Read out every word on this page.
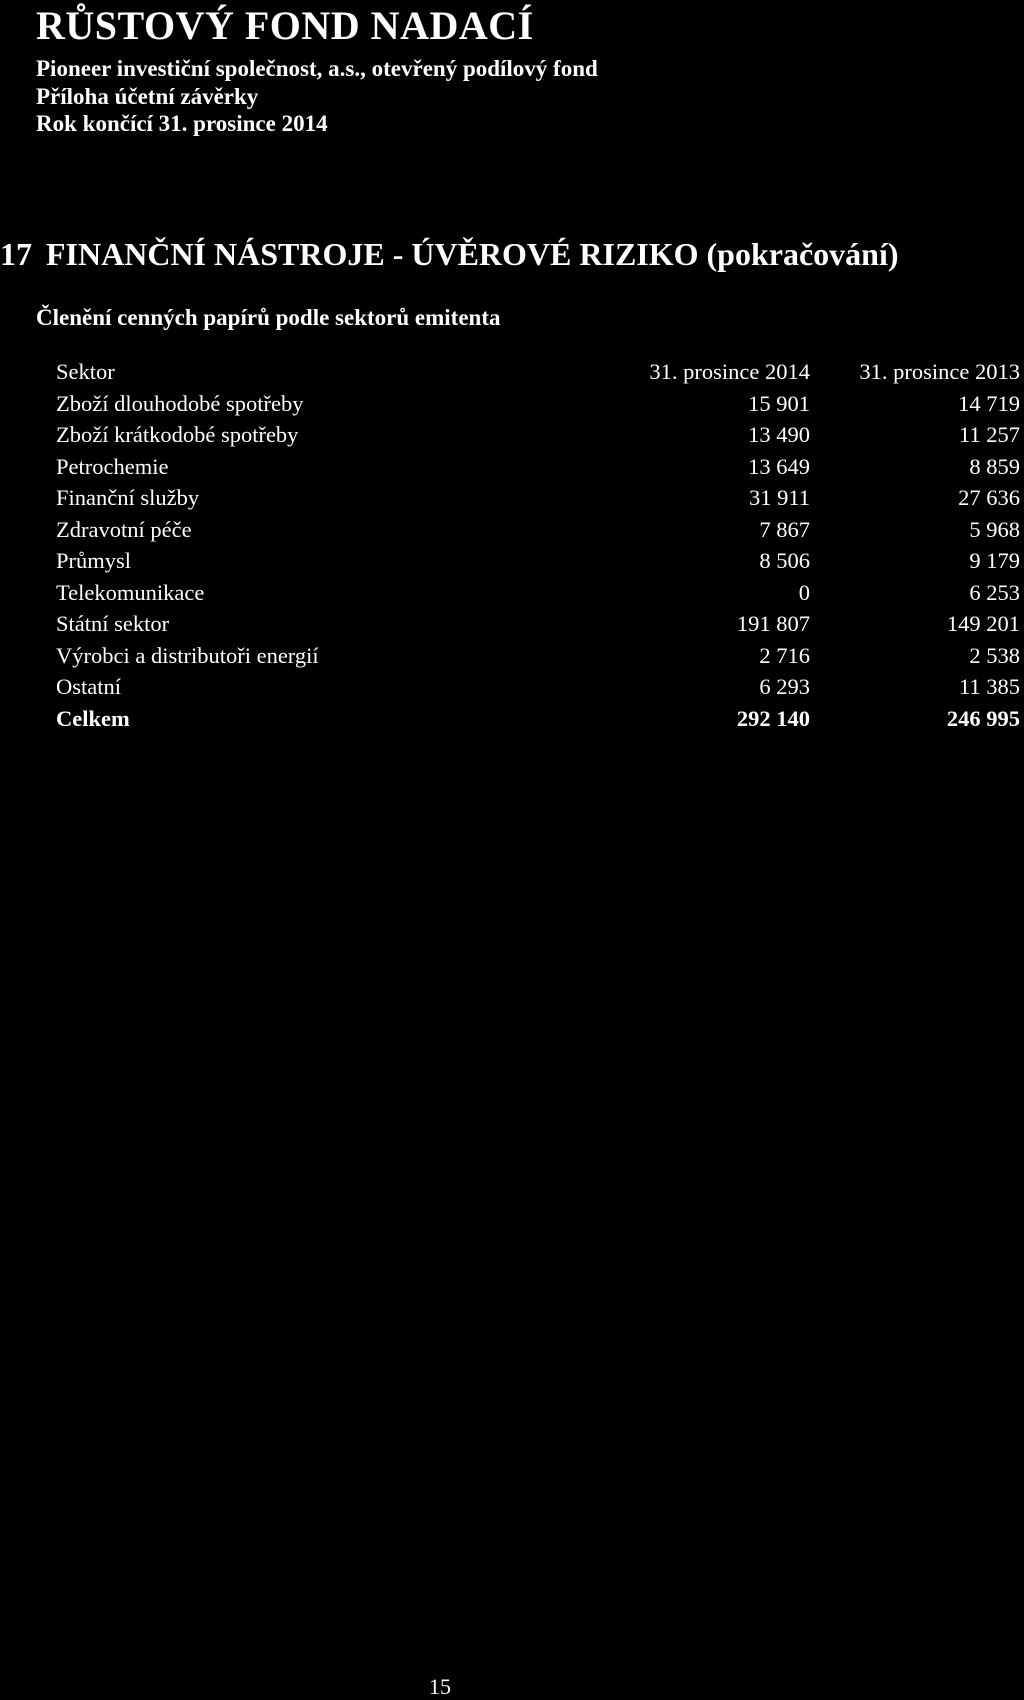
RŮSTOVÝ FOND NADACÍ
Pioneer investiční společnost, a.s., otevřený podílový fond
Příloha účetní závěrky
Rok končící 31. prosince 2014
17 FINANČNÍ NÁSTROJE - ÚVĚROVÉ RIZIKO (pokračování)
Členění cenných papírů podle sektorů emitenta
Sektor	31. prosince 2014	31. prosince 2013
Zboží dlouhodobé spotřeby	15 901	14 719
Zboží krátkodobé spotřeby	13 490	11 257
Petrochemie	13 649	8 859
Finanční služby	31 911	27 636
Zdravotní péče	7 867	5 968
Průmysl	8 506	9 179
Telekomunikace	0	6 253
Státní sektor	191 807	149 201
Výrobci a distributoři energií	2 716	2 538
Ostatní	6 293	11 385
Celkem	292 140	246 995
15
